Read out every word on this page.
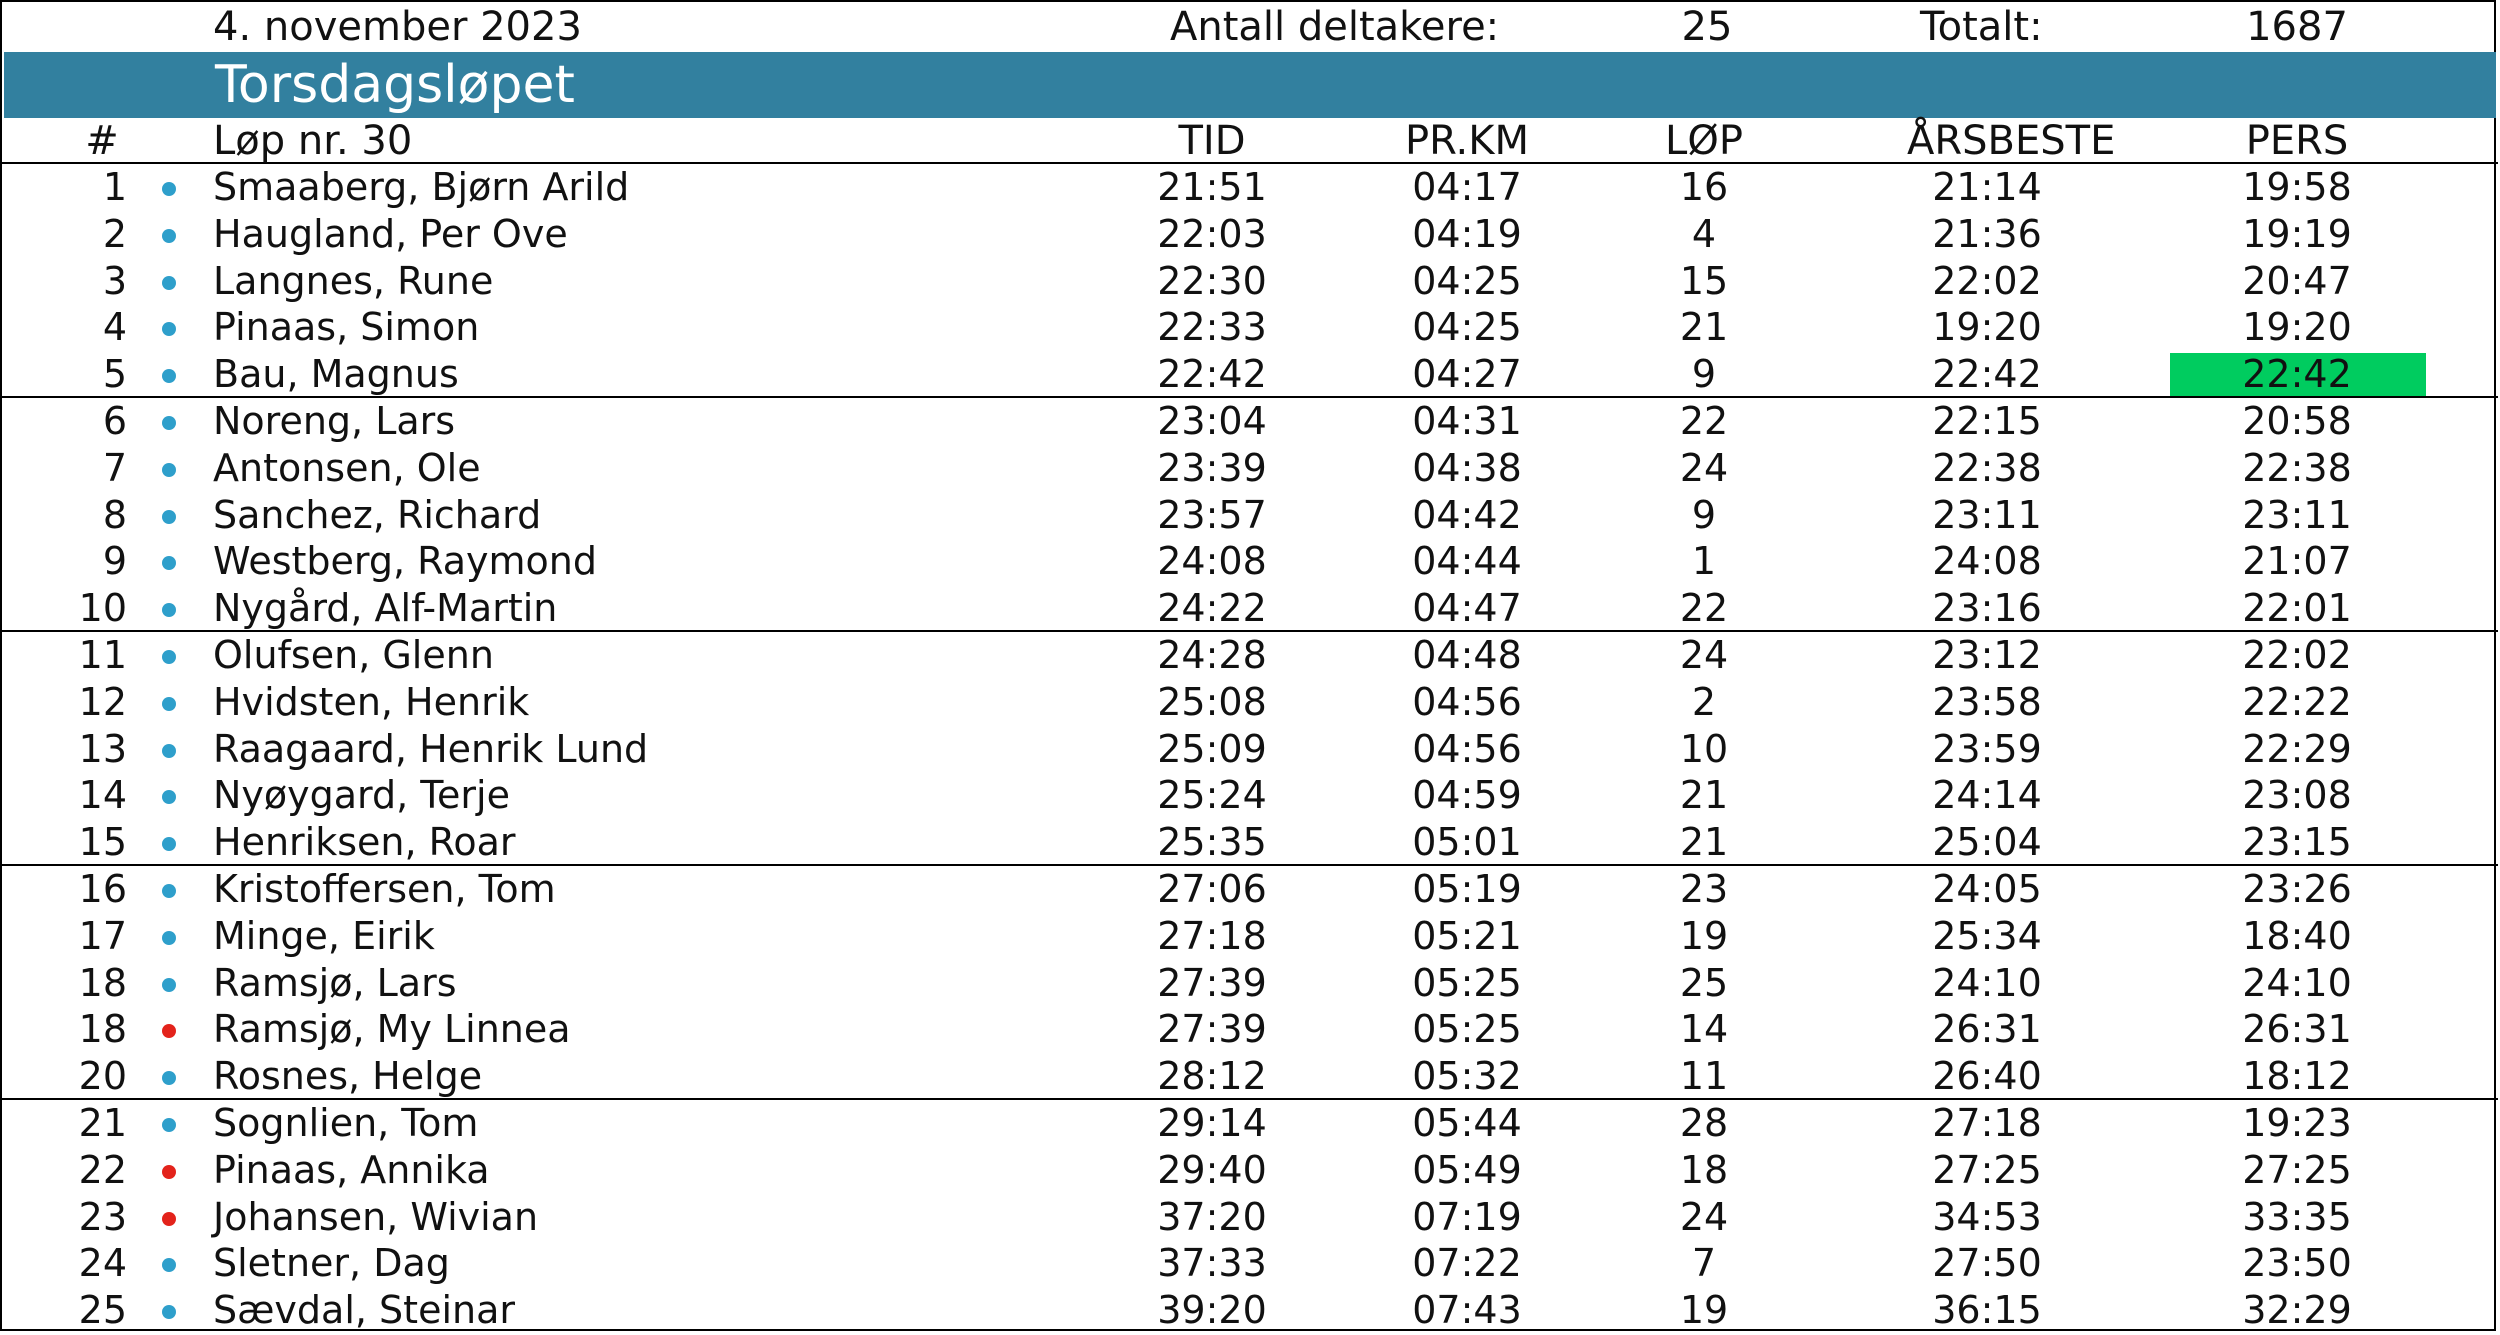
4. november 2023	Antall deltakere:	25	Totalt:	1687
Torsdagsløpet
#	Løp nr. 30	TID	PR.KM	LØP	ÅRSBESTE	PERS
1 Smaaberg, Bjørn Arild	21:51	04:17	16	21:14	19:58
2 Haugland, Per Ove	22:03	04:19	4	21:36	19:19
3 Langnes, Rune	22:30	04:25	15	22:02	20:47
4 Pinaas, Simon	22:33	04:25	21	19:20	19:20
5 Bau, Magnus	22:42	04:27	9	22:42	22:42
6 Noreng, Lars	23:04	04:31	22	22:15	20:58
7 Antonsen, Ole	23:39	04:38	24	22:38	22:38
8 Sanchez, Richard	23:57	04:42	9	23:11	23:11
9 Westberg, Raymond	24:08	04:44	1	24:08	21:07
10 Nygård, Alf-Martin	24:22	04:47	22	23:16	22:01
11 Olufsen, Glenn	24:28	04:48	24	23:12	22:02
12 Hvidsten, Henrik	25:08	04:56	2	23:58	22:22
13 Raagaard, Henrik Lund	25:09	04:56	10	23:59	22:29
14 Nyøygard, Terje	25:24	04:59	21	24:14	23:08
15 Henriksen, Roar	25:35	05:01	21	25:04	23:15
16 Kristoffersen, Tom	27:06	05:19	23	24:05	23:26
17 Minge, Eirik	27:18	05:21	19	25:34	18:40
18 Ramsjø, Lars	27:39	05:25	25	24:10	24:10
18 Ramsjø, My Linnea	27:39	05:25	14	26:31	26:31
20 Rosnes, Helge	28:12	05:32	11	26:40	18:12
21 Sognlien, Tom	29:14	05:44	28	27:18	19:23
22 Pinaas, Annika	29:40	05:49	18	27:25	27:25
23 Johansen, Wivian	37:20	07:19	24	34:53	33:35
24 Sletner, Dag	37:33	07:22	7	27:50	23:50
25 Sævdal, Steinar	39:20	07:43	19	36:15	32:29
